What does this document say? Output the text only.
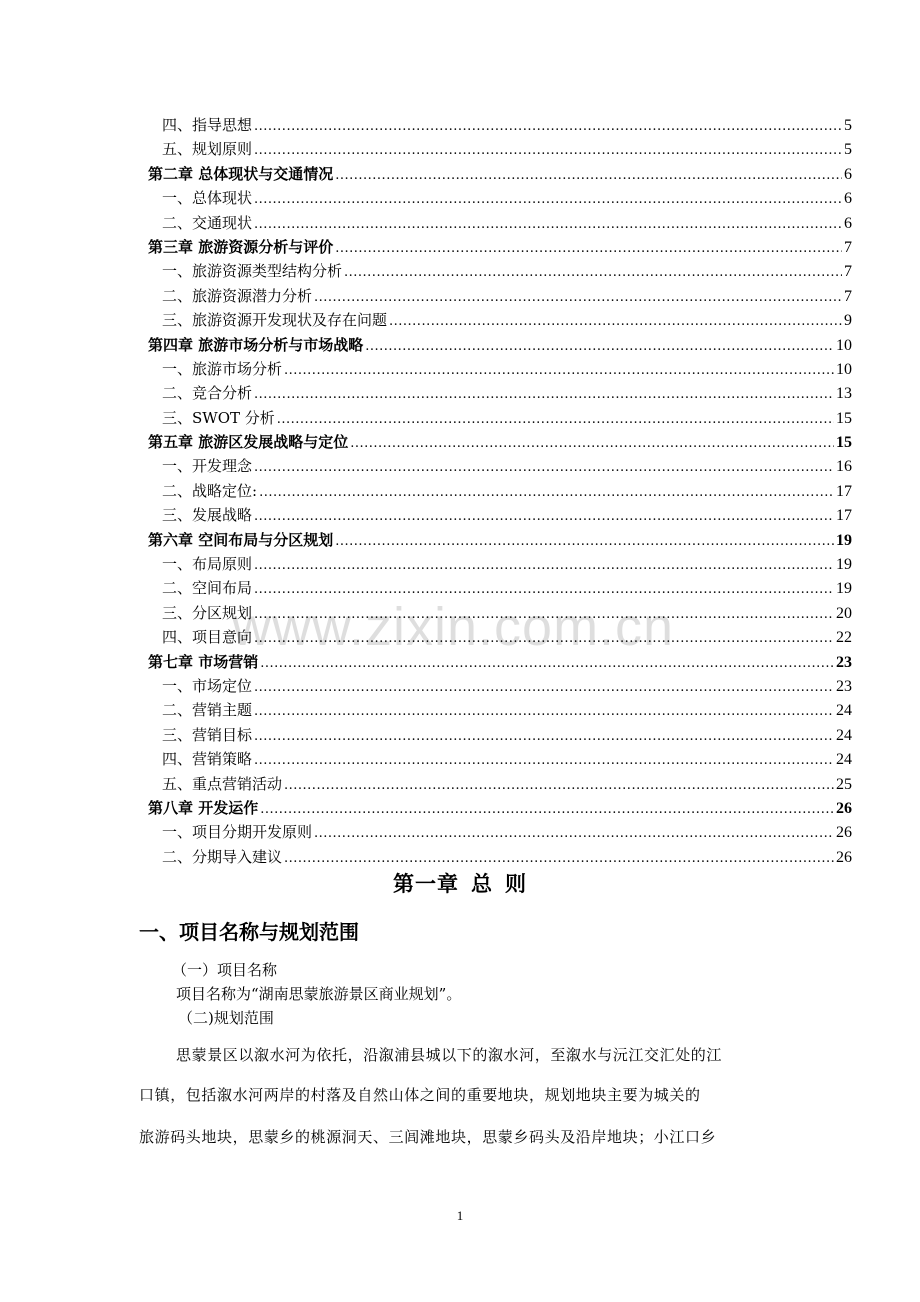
四、指导思想 .....	5
五、规划原则 .....	5
第二章 总体现状与交通情况 .....	6
一、总体现状 .....	6
二、交通现状 .....	6
第三章 旅游资源分析与评价 .....	7
一、旅游资源类型结构分析 .....	7
二、旅游资源潜力分析 .....	7
三、旅游资源开发现状及存在问题 .....	9
第四章 旅游市场分析与市场战略 .....	10
一、旅游市场分析 .....	10
二、竞合分析 .....	13
三、SWOT 分析 .....	15
第五章 旅游区发展战略与定位 .....	15
一、开发理念 .....	16
二、战略定位: .....	17
三、发展战略 .....	17
第六章 空间布局与分区规划 .....	19
一、布局原则 .....	19
二、空间布局 .....	19
三、分区规划 .....	20
四、项目意向 .....	22
第七章 市场营销 .....	23
一、市场定位 .....	23
二、营销主题 .....	24
三、营销目标 .....	24
四、营销策略 .....	24
五、重点营销活动 .....	25
第八章 开发运作 .....	26
一、项目分期开发原则 .....	26
二、分期导入建议 .....	26
www.zixin.com.cn
第一章 总 则
一、项目名称与规划范围
（一）项目名称
项目名称为“湖南思蒙旅游景区商业规划”。
（二)规划范围
思蒙景区以溆水河为依托，沿溆浦县城以下的溆水河，至溆水与沅江交汇处的江
口镇，包括溆水河两岸的村落及自然山体之间的重要地块，规划地块主要为城关的
旅游码头地块，思蒙乡的桃源洞天、三闾滩地块，思蒙乡码头及沿岸地块；小江口乡
1
